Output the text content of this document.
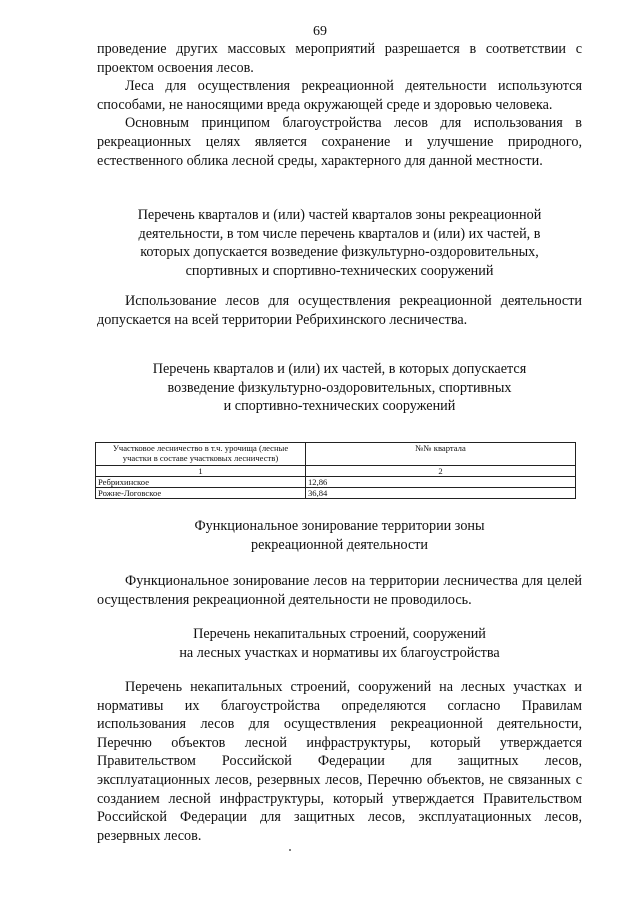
69

проведение других массовых мероприятий разрешается в соответствии с

проектом освоения лесов.

Леса для осуществления рекреационной деятельности используются способами, не наносящими вреда окружающей среде и здоровью человека.

Основным принципом благоустройства лесов для использования в рекреационных целях является сохранение и улучшение природного, естественного облика лесной среды, характерного для данной местности.

Перечень кварталов и (или) частей кварталов зоны рекреационной

деятельности, в том числе перечень кварталов и (или) их частей, в

которых допускается возведение физкультурно-оздоровительных,

спортивных и спортивно-технических сооружений

Использование лесов для осуществления рекреационной деятельности допускается на всей территории Ребрихинского лесничества.

Перечень кварталов и (или) их частей, в которых допускается

возведение физкультурно-оздоровительных, спортивных

и спортивно-технических сооружений

Участковое лесничество в т.ч. урочища (лесные участки в составе участковых лесничеств)	№№ квартала
1	2
Ребрихинское	12,86
Рожне-Логовское	36,84

Функциональное зонирование территории зоны

рекреационной деятельности

Функциональное зонирование лесов на территории лесничества для целей осуществления рекреационной деятельности не проводилось.

Перечень некапитальных строений, сооружений

на лесных участках и нормативы их благоустройства

Перечень некапитальных строений, сооружений на лесных участках и нормативы их благоустройства определяются согласно Правилам использования лесов для осуществления рекреационной деятельности, Перечню объектов лесной инфраструктуры, который утверждается Правительством Российской Федерации для защитных лесов, эксплуатационных лесов, резервных лесов, Перечню объектов, не связанных с созданием лесной инфраструктуры, который утверждается Правительством Российской Федерации для защитных лесов, эксплуатационных лесов, резервных лесов.
